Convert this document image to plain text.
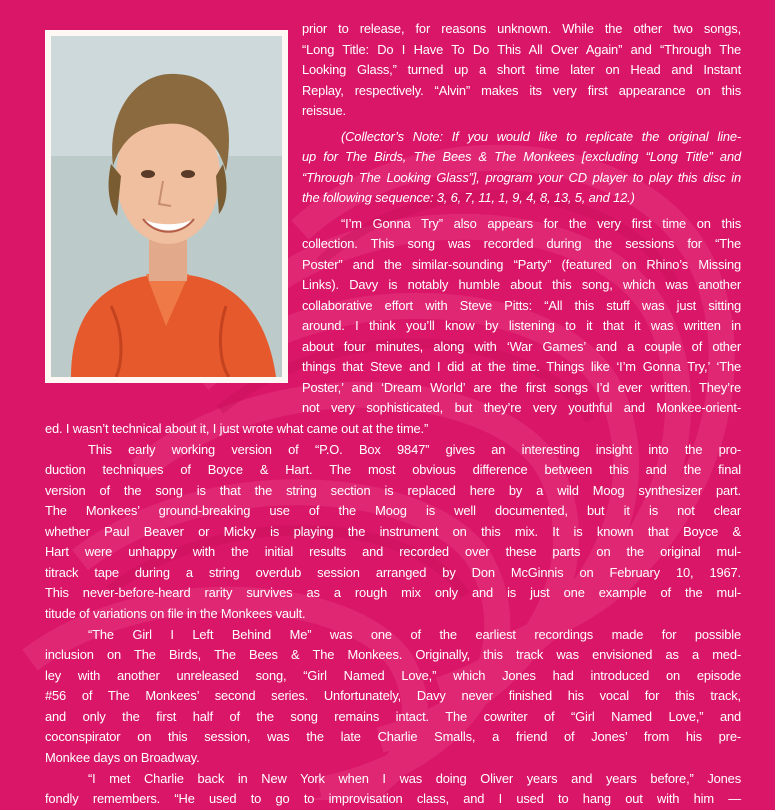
prior to release, for reasons unknown. While the other two songs,
“Long Title: Do I Have To Do This All Over Again” and “Through The
Looking Glass,” turned up a short time later on Head and Instant
Replay, respectively. “Alvin” makes its very first appearance on this
reissue.
(Collector’s Note: If you would like to replicate the original line-
up for The Birds, The Bees & The Monkees [excluding “Long Title” and
“Through The Looking Glass”], program your CD player to play this disc in
the following sequence: 3, 6, 7, 11, 1, 9, 4, 8, 13, 5, and 12.)
“I’m Gonna Try” also appears for the very first time on this
collection. This song was recorded during the sessions for “The
Poster” and the similar-sounding “Party” (featured on Rhino’s Missing
Links). Davy is notably humble about this song, which was another
collaborative effort with Steve Pitts: “All this stuff was just sitting
around. I think you’ll know by listening to it that it was written in
about four minutes, along with ‘War Games’ and a couple of other
things that Steve and I did at the time. Things like ‘I’m Gonna Try,’ ‘The
Poster,’ and ‘Dream World’ are the first songs I’d ever written. They’re
not very sophisticated, but they’re very youthful and Monkee-orient-
ed. I wasn’t technical about it, I just wrote what came out at the time.”
This early working version of “P.O. Box 9847” gives an interesting insight into the pro-
duction techniques of Boyce & Hart. The most obvious difference between this and the final
version of the song is that the string section is replaced here by a wild Moog synthesizer part.
The Monkees’ ground-breaking use of the Moog is well documented, but it is not clear
whether Paul Beaver or Micky is playing the instrument on this mix. It is known that Boyce &
Hart were unhappy with the initial results and recorded over these parts on the original mul-
titrack tape during a string overdub session arranged by Don McGinnis on February 10, 1967.
This never-before-heard rarity survives as a rough mix only and is just one example of the mul-
titude of variations on file in the Monkees vault.
“The Girl I Left Behind Me” was one of the earliest recordings made for possible
inclusion on The Birds, The Bees & The Monkees. Originally, this track was envisioned as a med-
ley with another unreleased song, “Girl Named Love,” which Jones had introduced on episode
#56 of The Monkees’ second series. Unfortunately, Davy never finished his vocal for this track,
and only the first half of the song remains intact. The cowriter of “Girl Named Love,” and
coconspirator on this session, was the late Charlie Smalls, a friend of Jones’ from his pre-
Monkee days on Broadway.
“I met Charlie back in New York when I was doing Oliver years and years before,” Jones
fondly remembers. “He used to go to improvisation class, and I used to hang out with him —
